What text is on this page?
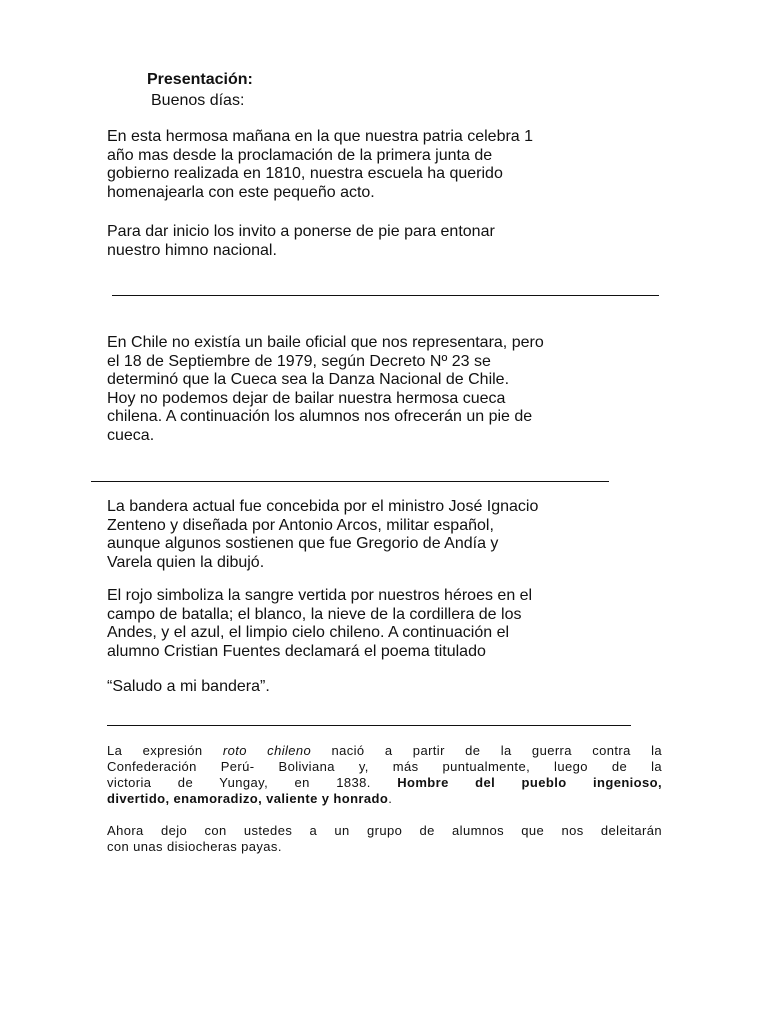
Presentación:

Buenos días:

En esta hermosa mañana en la que nuestra patria celebra 1
año mas desde la proclamación de la primera junta de
gobierno realizada en 1810, nuestra escuela ha querido
homenajearla con este pequeño acto.

Para dar inicio los invito a ponerse de pie para entonar
nuestro himno nacional.

En Chile no existía un baile oficial que nos representara, pero
el 18 de Septiembre de 1979, según Decreto Nº 23 se
determinó que la Cueca sea la Danza Nacional de Chile.
Hoy no podemos dejar de bailar nuestra hermosa cueca
chilena. A continuación los alumnos nos ofrecerán un pie de
cueca.

La bandera actual fue concebida por el ministro José Ignacio
Zenteno y diseñada por Antonio Arcos, militar español,
aunque algunos sostienen que fue Gregorio de Andía y
Varela quien la dibujó.

El rojo simboliza la sangre vertida por nuestros héroes en el
campo de batalla; el blanco, la nieve de la cordillera de los
Andes, y el azul, el limpio cielo chileno. A continuación el
alumno Cristian Fuentes declamará el poema titulado

“Saludo a mi bandera”.

La expresión roto chileno nació a partir de la guerra contra la
Confederación Perú- Boliviana y, más puntualmente, luego de la
victoria de Yungay, en 1838. Hombre del pueblo ingenioso,
divertido, enamoradizo, valiente y honrado.
Ahora dejo con ustedes a un grupo de alumnos que nos deleitarán
con unas disiocheras payas.
